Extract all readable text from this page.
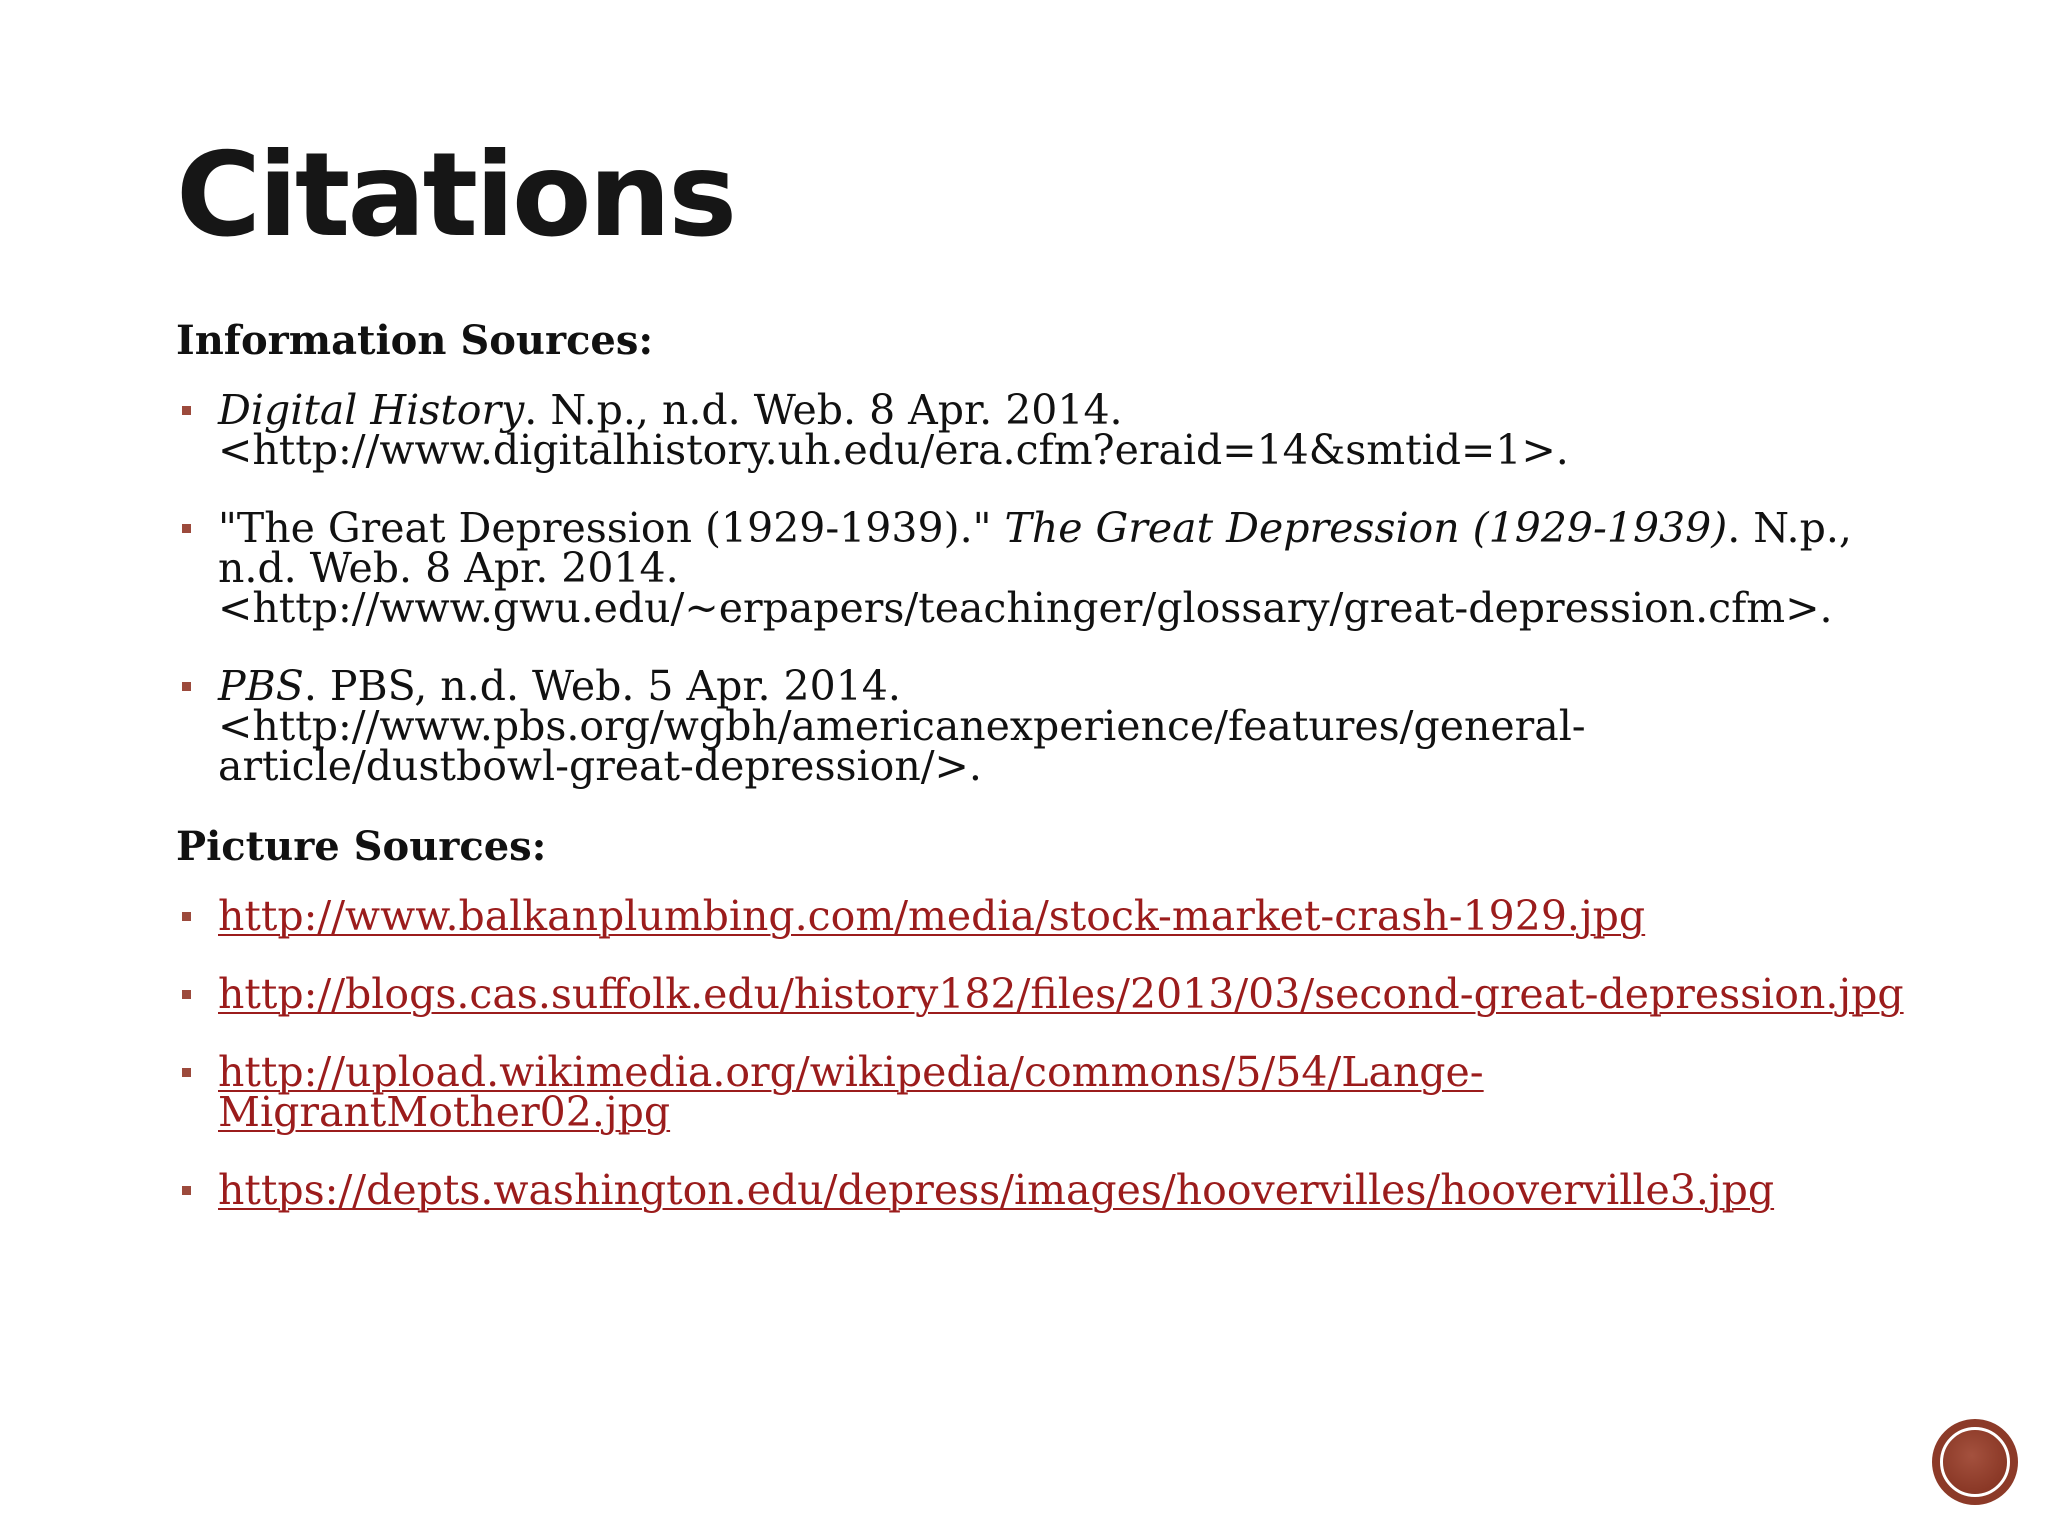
Citations
Information Sources:
Digital History. N.p., n.d. Web. 8 Apr. 2014. <http://www.digitalhistory.uh.edu/era.cfm?eraid=14&smtid=1>.
"The Great Depression (1929-1939)." The Great Depression (1929-1939). N.p., n.d. Web. 8 Apr. 2014. <http://www.gwu.edu/~erpapers/teachinger/glossary/great-depression.cfm>.
PBS. PBS, n.d. Web. 5 Apr. 2014. <http://www.pbs.org/wgbh/americanexperience/features/general-article/dustbowl-great-depression/>.
Picture Sources:
http://www.balkanplumbing.com/media/stock-market-crash-1929.jpg
http://blogs.cas.suffolk.edu/history182/files/2013/03/second-great-depression.jpg
http://upload.wikimedia.org/wikipedia/commons/5/54/Lange-MigrantMother02.jpg
https://depts.washington.edu/depress/images/hoovervilles/hooverville3.jpg
